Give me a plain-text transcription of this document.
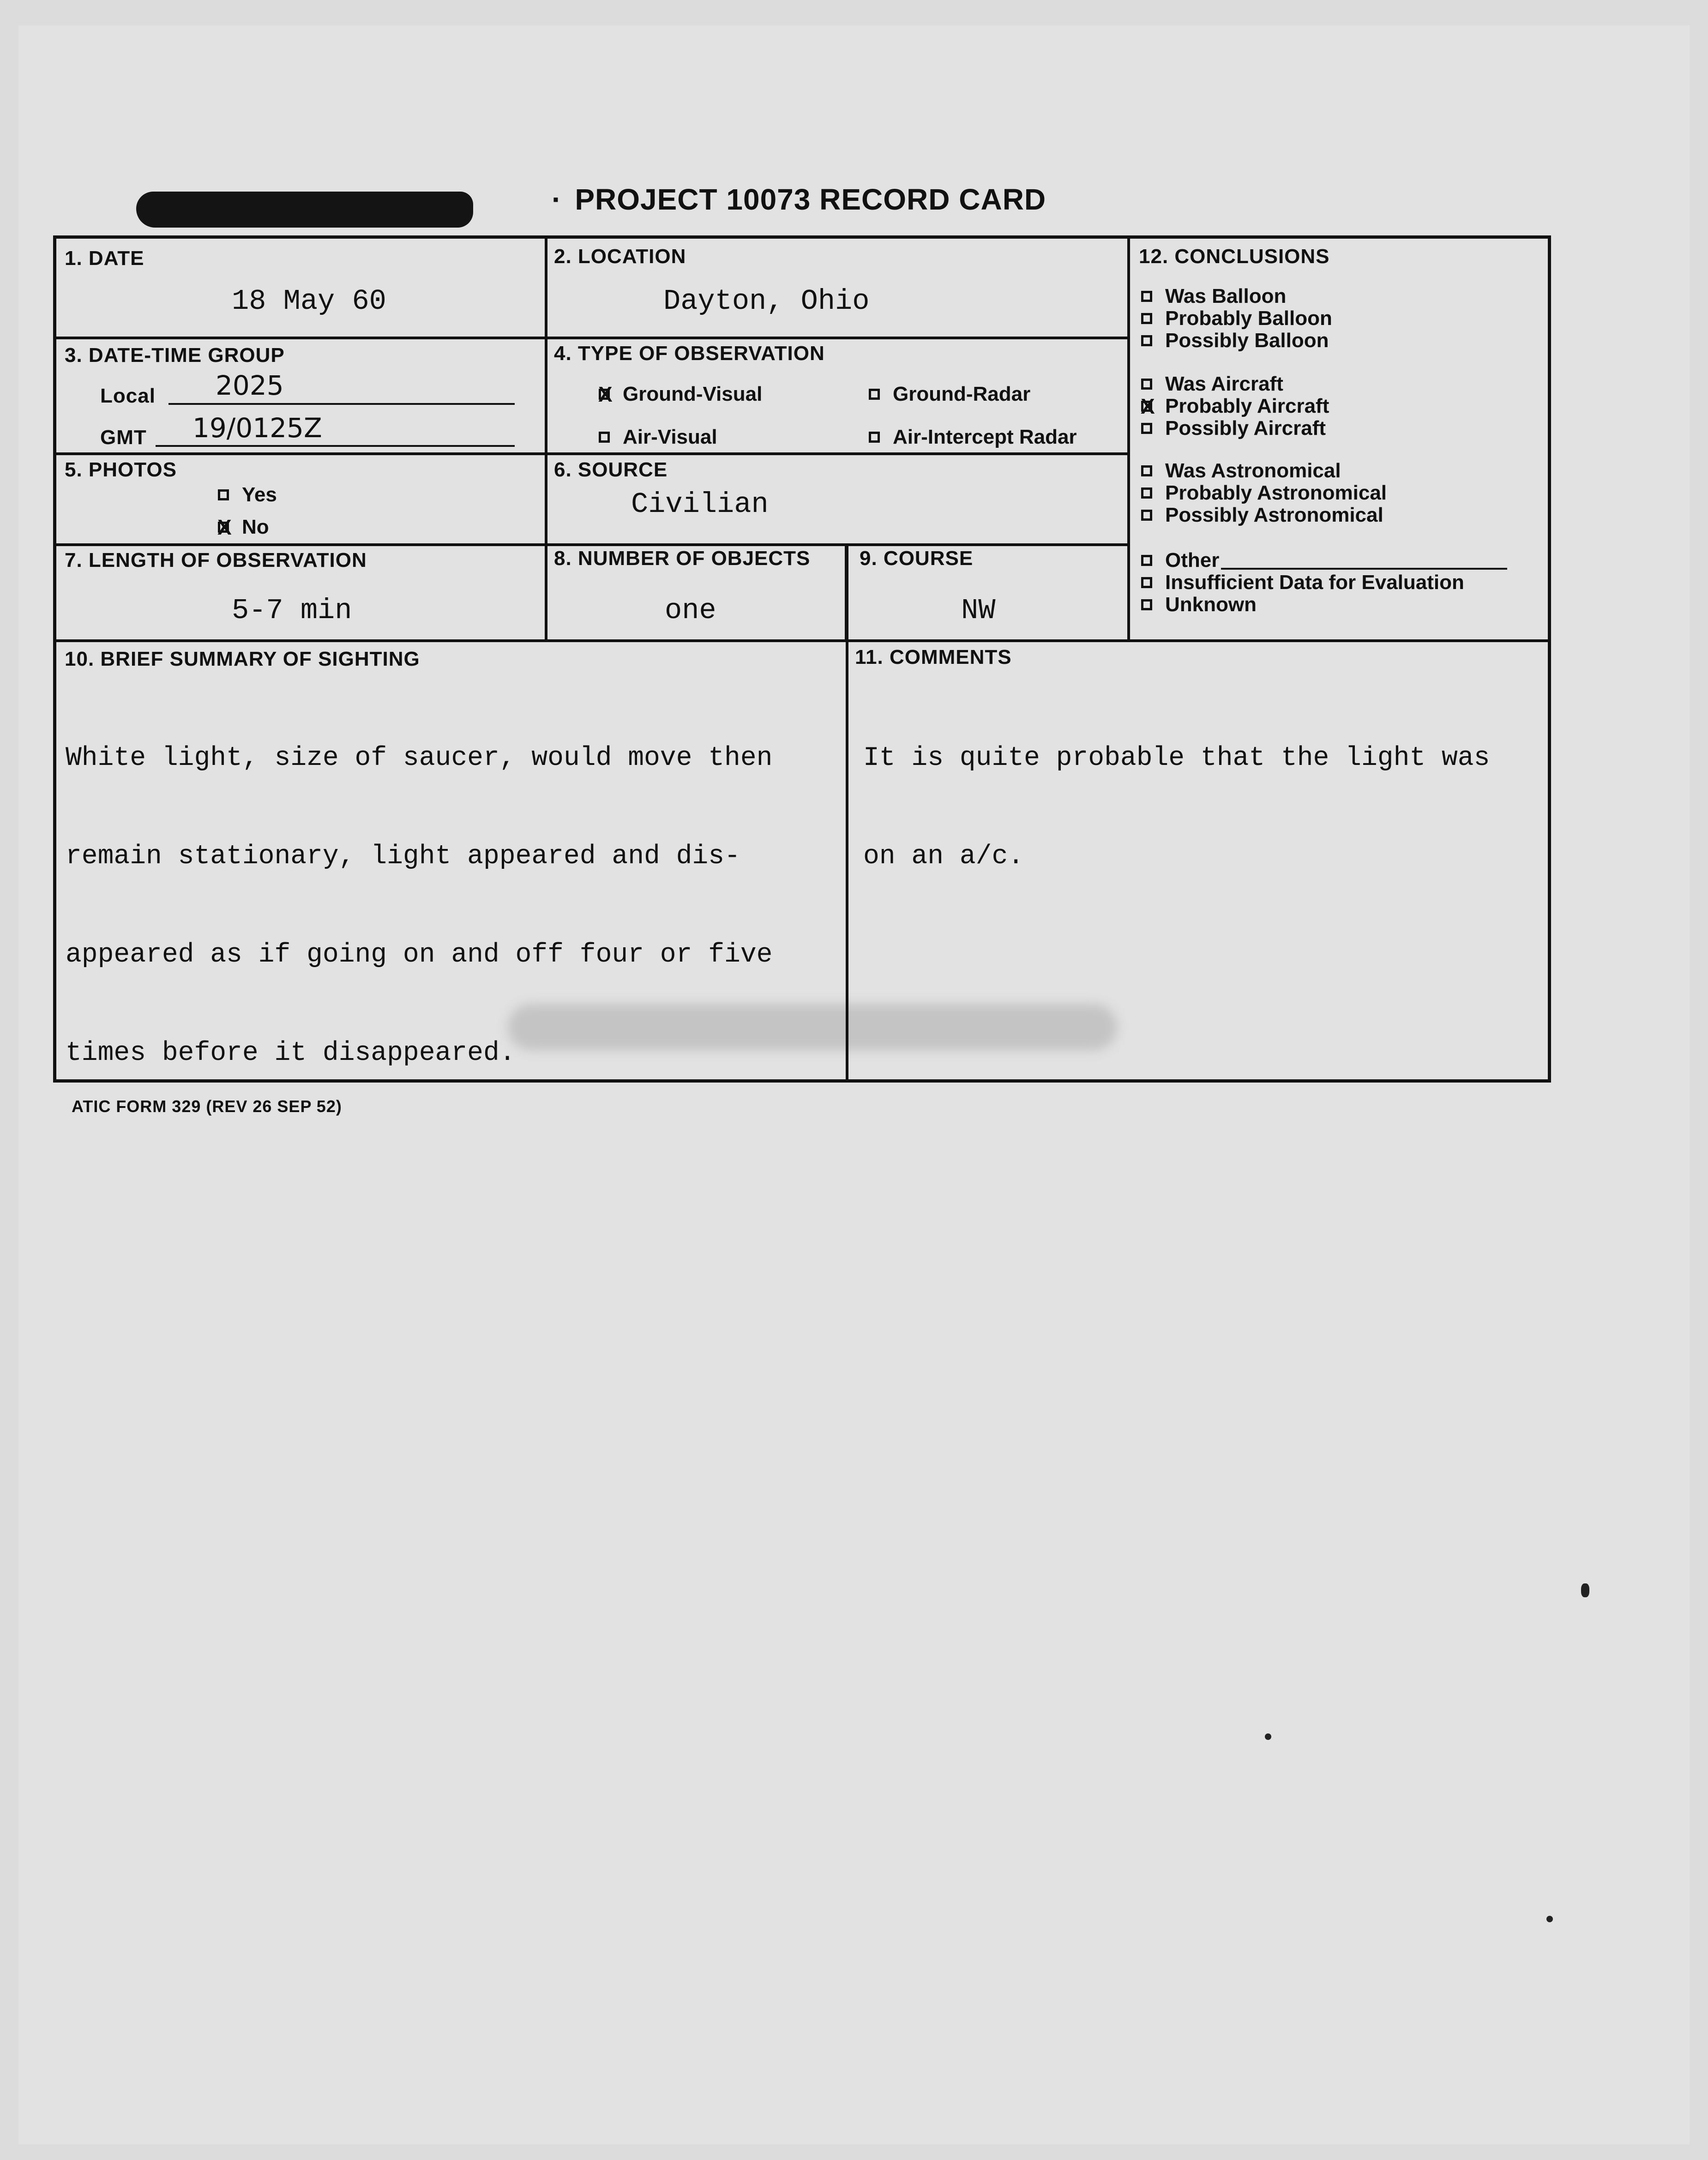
· PROJECT 10073 RECORD CARD
1. DATE
18 May 60
2. LOCATION
Dayton, Ohio
3. DATE-TIME GROUP
Local 2025
GMT 19/0125Z
4. TYPE OF OBSERVATION
X
Ground-Visual	Ground-Radar
Air-Visual	Air-Intercept Radar
5. PHOTOS
Yes
X
No
6. SOURCE
Civilian
7. LENGTH OF OBSERVATION
5-7 min
8. NUMBER OF OBJECTS
one
9. COURSE
NW
12. CONCLUSIONS
Was Balloon
Probably Balloon
Possibly Balloon
Was Aircraft
X
Probably Aircraft
Possibly Aircraft
Was Astronomical
Probably Astronomical
Possibly Astronomical
Other
Insufficient Data for Evaluation
Unknown
10. BRIEF SUMMARY OF SIGHTING

White light, size of saucer, would move then

remain stationary, light appeared and dis-

appeared as if going on and off four or five

times before it disappeared.

11. COMMENTS

It is quite probable that the light was

on an a/c.

ATIC FORM 329 (REV 26 SEP 52)
